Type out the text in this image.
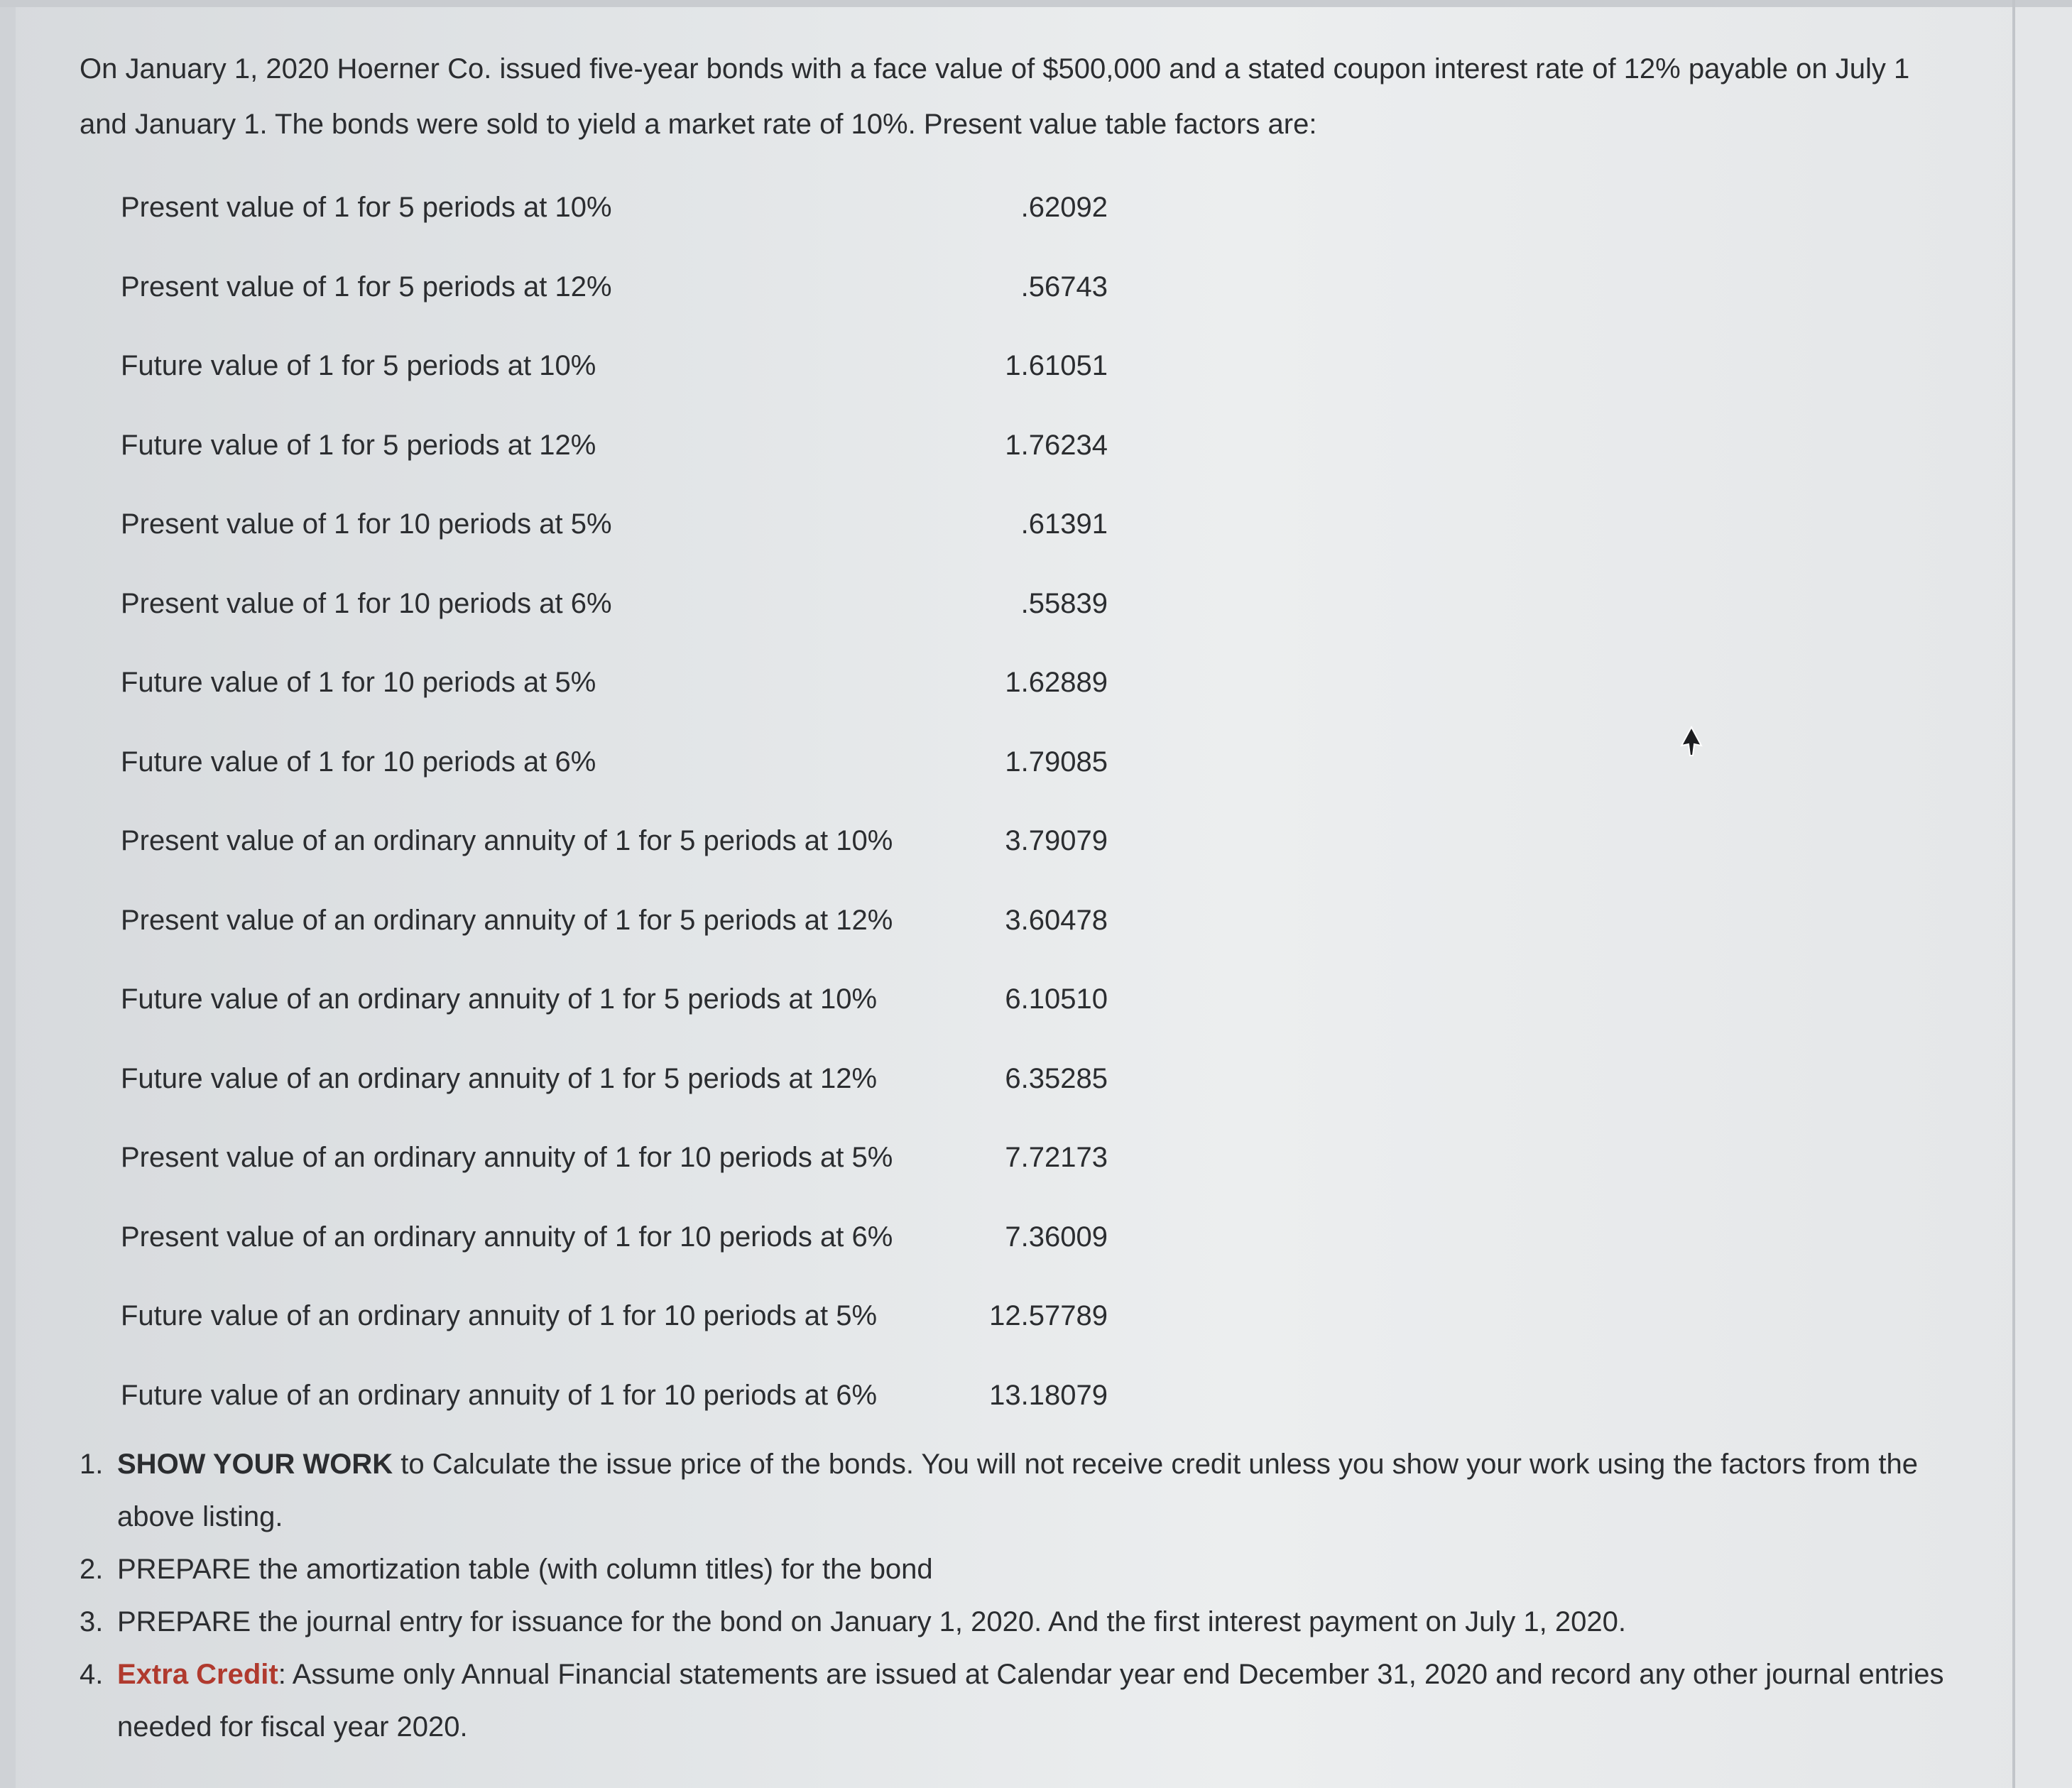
On January 1, 2020 Hoerner Co. issued five-year bonds with a face value of $500,000 and a stated coupon interest rate of 12% payable on July 1 and January 1. The bonds were sold to yield a market rate of 10%. Present value table factors are:

Present value of 1 for 5 periods at 10%	.62092
Present value of 1 for 5 periods at 12%	.56743
Future value of 1 for 5 periods at 10%	1.61051
Future value of 1 for 5 periods at 12%	1.76234
Present value of 1 for 10 periods at 5%	.61391
Present value of 1 for 10 periods at 6%	.55839
Future value of 1 for 10 periods at 5%	1.62889
Future value of 1 for 10 periods at 6%	1.79085
Present value of an ordinary annuity of 1 for 5 periods at 10%	3.79079
Present value of an ordinary annuity of 1 for 5 periods at 12%	3.60478
Future value of an ordinary annuity of 1 for 5 periods at 10%	6.10510
Future value of an ordinary annuity of 1 for 5 periods at 12%	6.35285
Present value of an ordinary annuity of 1 for 10 periods at 5%	7.72173
Present value of an ordinary annuity of 1 for 10 periods at 6%	7.36009
Future value of an ordinary annuity of 1 for 10 periods at 5%	12.57789
Future value of an ordinary annuity of 1 for 10 periods at 6%	13.18079
1. SHOW YOUR WORK to Calculate the issue price of the bonds. You will not receive credit unless you show your work using the factors from the above listing.
2. PREPARE the amortization table (with column titles) for the bond
3. PREPARE the journal entry for issuance for the bond on January 1, 2020. And the first interest payment on July 1, 2020.
4. Extra Credit: Assume only Annual Financial statements are issued at Calendar year end December 31, 2020 and record any other journal entries needed for fiscal year 2020.
